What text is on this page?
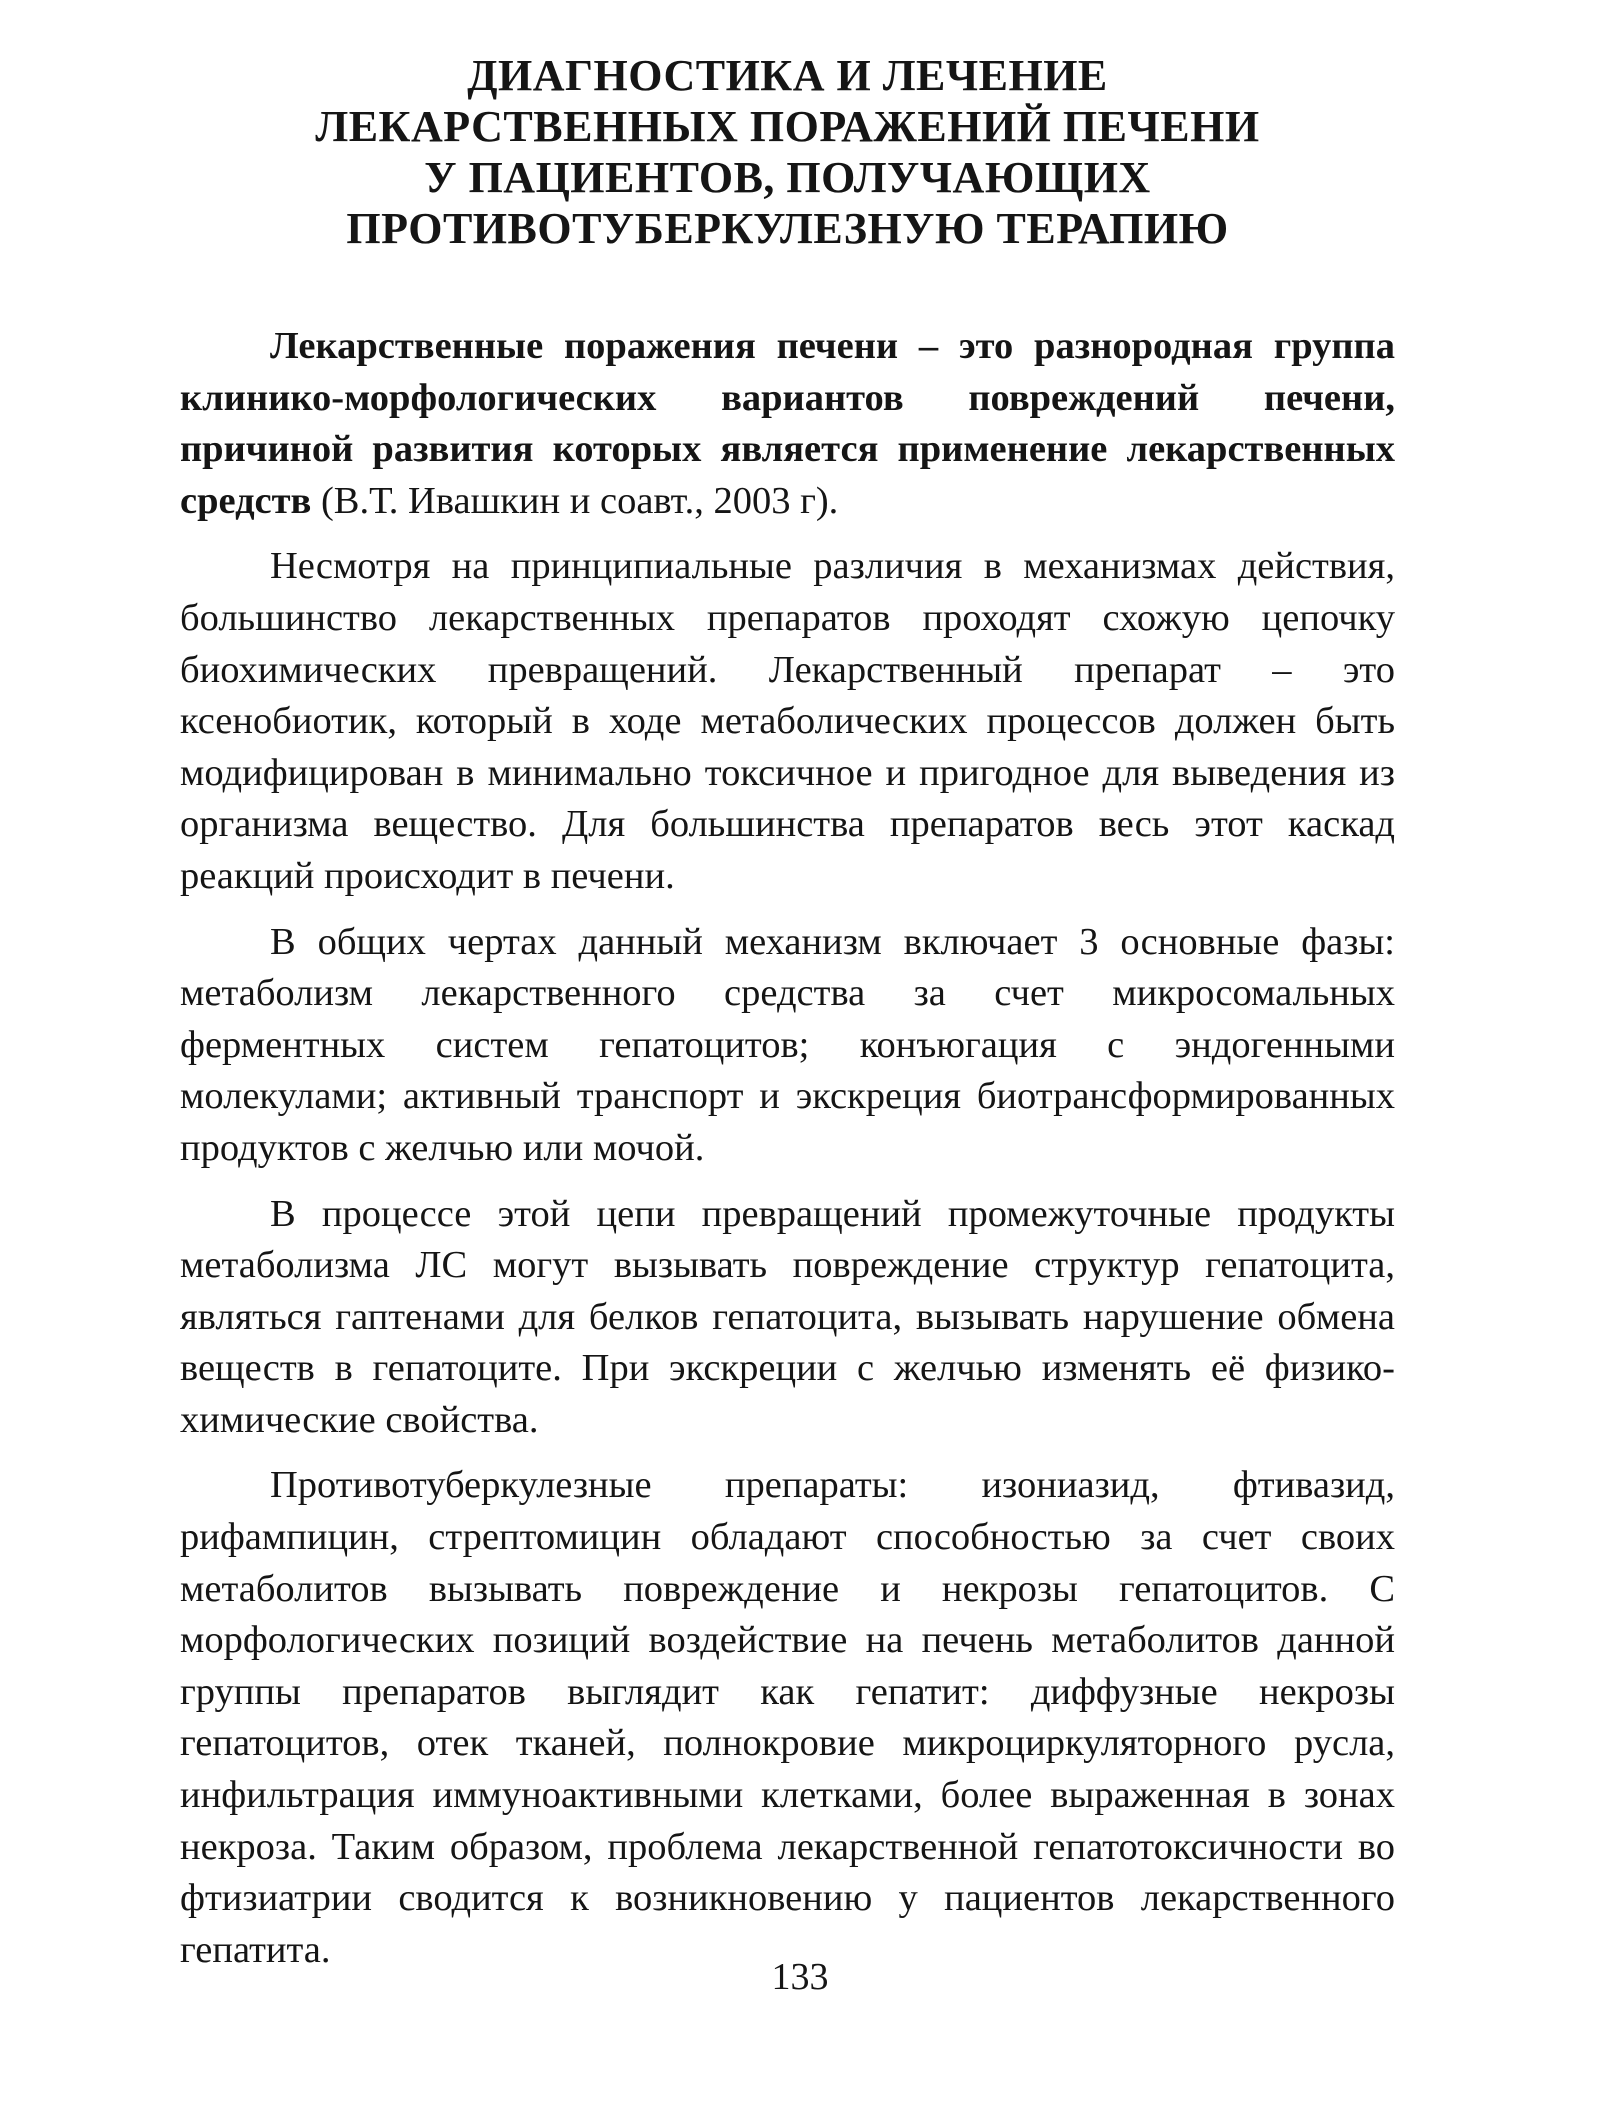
ДИАГНОСТИКА И ЛЕЧЕНИЕ
ЛЕКАРСТВЕННЫХ ПОРАЖЕНИЙ ПЕЧЕНИ
У ПАЦИЕНТОВ, ПОЛУЧАЮЩИХ
ПРОТИВОТУБЕРКУЛЕЗНУЮ ТЕРАПИЮ

Лекарственные поражения печени – это разнородная группа клинико-морфологических вариантов повреждений печени, причиной развития которых является применение лекарственных средств (В.Т. Ивашкин и соавт., 2003 г).

Несмотря на принципиальные различия в механизмах действия, большинство лекарственных препаратов проходят схожую цепочку биохимических превращений. Лекарственный препарат – это ксенобиотик, который в ходе метаболических процессов должен быть модифицирован в минимально токсичное и пригодное для выведения из организма вещество. Для большинства препаратов весь этот каскад реакций происходит в печени.

В общих чертах данный механизм включает 3 основные фазы: метаболизм лекарственного средства за счет микросомальных ферментных систем гепатоцитов; конъюгация с эндогенными молекулами; активный транспорт и экскреция биотрансформированных продуктов с желчью или мочой.

В процессе этой цепи превращений промежуточные продукты метаболизма ЛС могут вызывать повреждение структур гепатоцита, являться гаптенами для белков гепатоцита, вызывать нарушение обмена веществ в гепатоците. При экскреции с желчью изменять её физико-химические свойства.

Противотуберкулезные препараты: изониазид, фтивазид, рифампицин, стрептомицин обладают способностью за счет своих метаболитов вызывать повреждение и некрозы гепатоцитов. С морфологических позиций воздействие на печень метаболитов данной группы препаратов выглядит как гепатит: диффузные некрозы гепатоцитов, отек тканей, полнокровие микроциркуляторного русла, инфильтрация иммуноактивными клетками, более выраженная в зонах некроза. Таким образом, проблема лекарственной гепатотоксичности во фтизиатрии сводится к возникновению у пациентов лекарственного гепатита.

133
